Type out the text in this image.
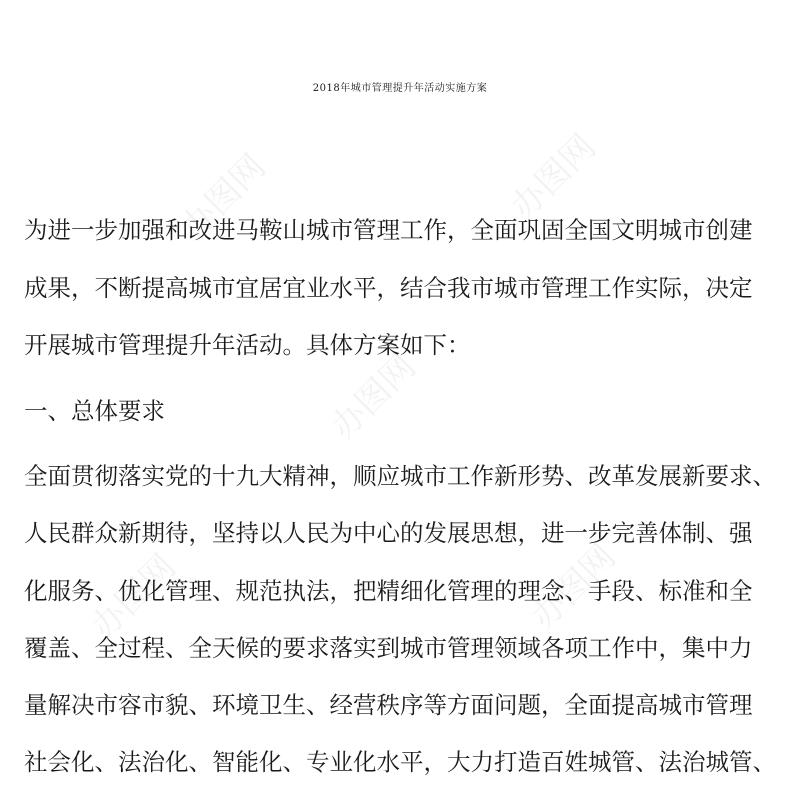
办图网	办图网
办图网
办图网	办图网
2018年城市管理提升年活动实施方案
为进一步加强和改进马鞍山城市管理工作，全面巩固全国文明城市创建
成果，不断提高城市宜居宜业水平，结合我市城市管理工作实际，决定
开展城市管理提升年活动。具体方案如下：
一、总体要求
全面贯彻落实党的十九大精神，顺应城市工作新形势、改革发展新要求、
人民群众新期待，坚持以人民为中心的发展思想，进一步完善体制、强
化服务、优化管理、规范执法，把精细化管理的理念、手段、标准和全
覆盖、全过程、全天候的要求落实到城市管理领域各项工作中，集中力
量解决市容市貌、环境卫生、经营秩序等方面问题，全面提高城市管理
社会化、法治化、智能化、专业化水平，大力打造百姓城管、法治城管、
